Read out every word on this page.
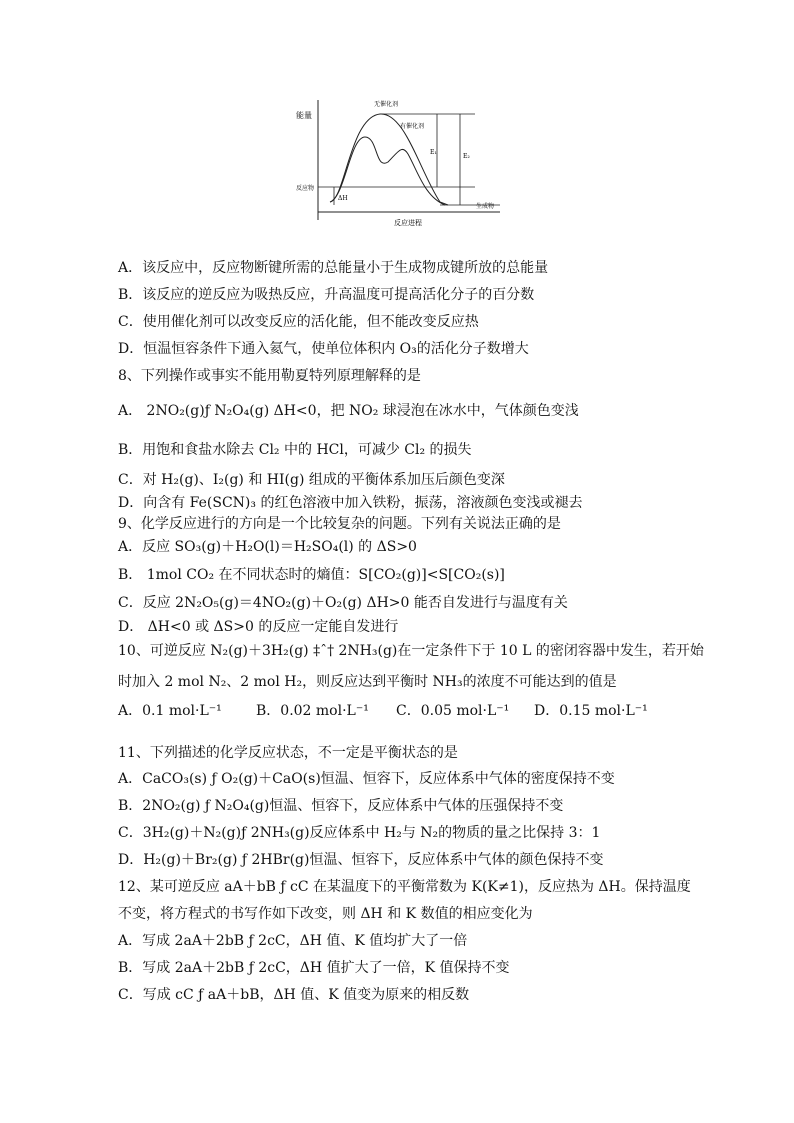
能量
反应物
ΔH
无催化剂
有催化剂
E₁
E₂
生成物
反应进程
A．该反应中，反应物断键所需的总能量小于生成物成键所放的总能量
B．该反应的逆反应为吸热反应，升高温度可提高活化分子的百分数
C．使用催化剂可以改变反应的活化能，但不能改变反应热
D．恒温恒容条件下通入氦气，使单位体积内 O₃的活化分子数增大
8、下列操作或事实不能用勒夏特列原理解释的是
A． 2NO₂(g)ƒ N₂O₄(g) ΔH<0，把 NO₂ 球浸泡在冰水中，气体颜色变浅
B．用饱和食盐水除去 Cl₂ 中的 HCl，可减少 Cl₂ 的损失
C．对 H₂(g)、I₂(g) 和 HI(g) 组成的平衡体系加压后颜色变深
D．向含有 Fe(SCN)₃ 的红色溶液中加入铁粉，振荡，溶液颜色变浅或褪去
9、化学反应进行的方向是一个比较复杂的问题。下列有关说法正确的是
A．反应 SO₃(g)＋H₂O(l)＝H₂SO₄(l) 的 ΔS>0
B． 1mol CO₂ 在不同状态时的熵值：S[CO₂(g)]<S[CO₂(s)]
C．反应 2N₂O₅(g)＝4NO₂(g)＋O₂(g) ΔH>0 能否自发进行与温度有关
D． ΔH<0 或 ΔS>0 的反应一定能自发进行
10、可逆反应 N₂(g)＋3H₂(g) ‡ˆ† 2NH₃(g)在一定条件下于 10 L 的密闭容器中发生，若开始
时加入 2 mol N₂、2 mol H₂，则反应达到平衡时 NH₃的浓度不可能达到的值是
A．0.1 mol·L⁻¹ B．0.02 mol·L⁻¹ C．0.05 mol·L⁻¹ D．0.15 mol·L⁻¹
11、下列描述的化学反应状态，不一定是平衡状态的是
A．CaCO₃(s) ƒ O₂(g)＋CaO(s)恒温、恒容下，反应体系中气体的密度保持不变
B．2NO₂(g) ƒ N₂O₄(g)恒温、恒容下，反应体系中气体的压强保持不变
C．3H₂(g)＋N₂(g)ƒ 2NH₃(g)反应体系中 H₂与 N₂的物质的量之比保持 3：1
D．H₂(g)＋Br₂(g) ƒ 2HBr(g)恒温、恒容下，反应体系中气体的颜色保持不变
12、某可逆反应 aA＋bB ƒ cC 在某温度下的平衡常数为 K(K≠1)，反应热为 ΔH。保持温度
不变，将方程式的书写作如下改变，则 ΔH 和 K 数值的相应变化为
A．写成 2aA＋2bB ƒ 2cC，ΔH 值、K 值均扩大了一倍
B．写成 2aA＋2bB ƒ 2cC，ΔH 值扩大了一倍，K 值保持不变
C．写成 cC ƒ aA＋bB，ΔH 值、K 值变为原来的相反数
